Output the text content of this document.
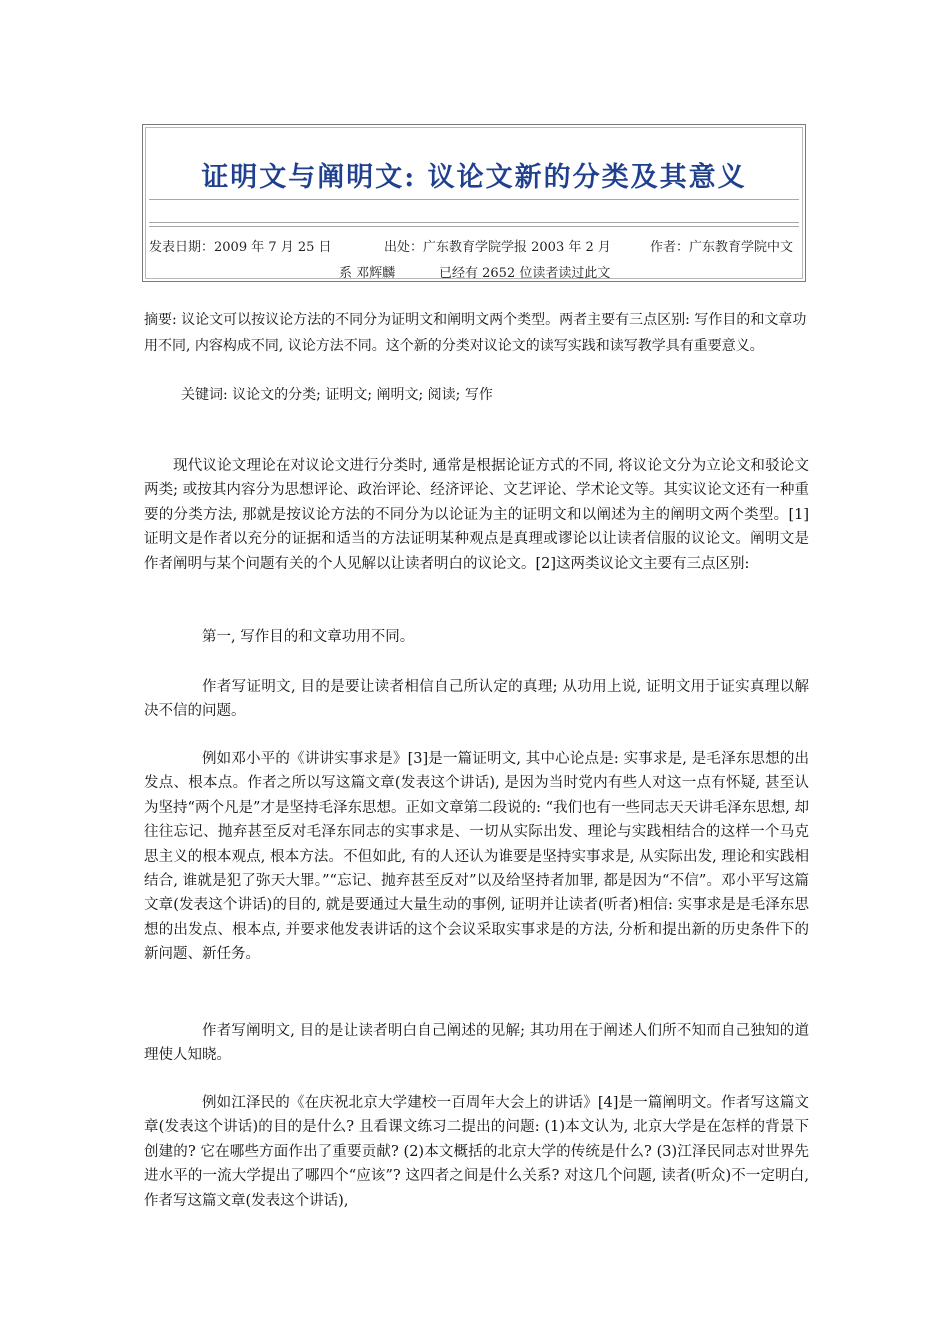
证明文与阐明文: 议论文新的分类及其意义
发表日期：2009 年 7 月 25 日	出处：广东教育学院学报 2003 年 2 月	作者：广东教育学院中文
系 邓辉麟	已经有 2652 位读者读过此文
摘要: 议论文可以按议论方法的不同分为证明文和阐明文两个类型。两者主要有三点区别: 写作目的和文章功用不同, 内容构成不同, 议论方法不同。这个新的分类对议论文的读写实践和读写教学具有重要意义。
关键词: 议论文的分类; 证明文; 阐明文; 阅读; 写作

现代议论文理论在对议论文进行分类时, 通常是根据论证方式的不同, 将议论文分为立论文和驳论文两类; 或按其内容分为思想评论、政治评论、经济评论、文艺评论、学术论文等。其实议论文还有一种重要的分类方法, 那就是按议论方法的不同分为以论证为主的证明文和以阐述为主的阐明文两个类型。[1]证明文是作者以充分的证据和适当的方法证明某种观点是真理或谬论以让读者信服的议论文。阐明文是作者阐明与某个问题有关的个人见解以让读者明白的议论文。[2]这两类议论文主要有三点区别:

第一, 写作目的和文章功用不同。

作者写证明文, 目的是要让读者相信自己所认定的真理; 从功用上说, 证明文用于证实真理以解决不信的问题。

例如邓小平的《讲讲实事求是》[3]是一篇证明文, 其中心论点是: 实事求是, 是毛泽东思想的出发点、根本点。作者之所以写这篇文章(发表这个讲话), 是因为当时党内有些人对这一点有怀疑, 甚至认为坚持“两个凡是”才是坚持毛泽东思想。正如文章第二段说的: “我们也有一些同志天天讲毛泽东思想, 却往往忘记、抛弃甚至反对毛泽东同志的实事求是、一切从实际出发、理论与实践相结合的这样一个马克思主义的根本观点, 根本方法。不但如此, 有的人还认为谁要是坚持实事求是, 从实际出发, 理论和实践相结合, 谁就是犯了弥天大罪。”“忘记、抛弃甚至反对”以及给坚持者加罪, 都是因为“不信”。邓小平写这篇文章(发表这个讲话)的目的, 就是要通过大量生动的事例, 证明并让读者(听者)相信: 实事求是是毛泽东思想的出发点、根本点, 并要求他发表讲话的这个会议采取实事求是的方法, 分析和提出新的历史条件下的新问题、新任务。

作者写阐明文, 目的是让读者明白自己阐述的见解; 其功用在于阐述人们所不知而自己独知的道理使人知晓。

例如江泽民的《在庆祝北京大学建校一百周年大会上的讲话》[4]是一篇阐明文。作者写这篇文章(发表这个讲话)的目的是什么? 且看课文练习二提出的问题: (1)本文认为, 北京大学是在怎样的背景下创建的? 它在哪些方面作出了重要贡献? (2)本文概括的北京大学的传统是什么? (3)江泽民同志对世界先进水平的一流大学提出了哪四个“应该”? 这四者之间是什么关系? 对这几个问题, 读者(听众)不一定明白, 作者写这篇文章(发表这个讲话),
